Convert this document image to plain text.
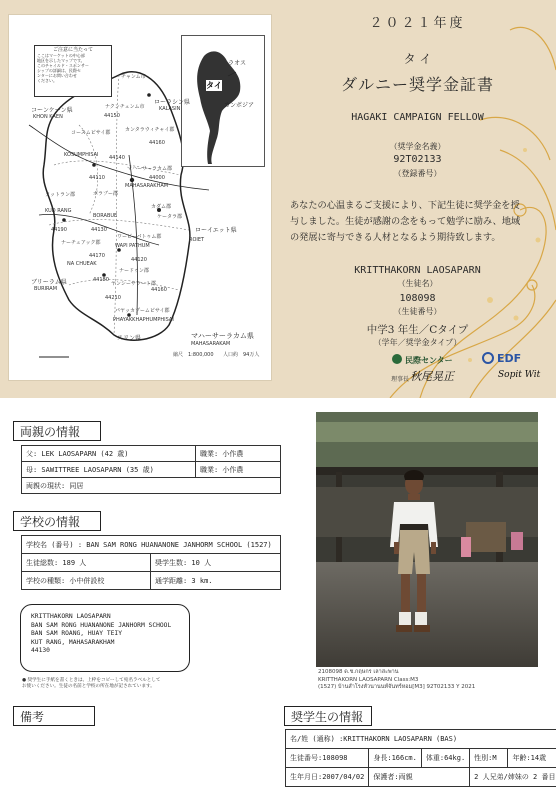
ご注意に当たって
ここはマーケットの中心部
地区を示したマップです。
このチャイルド・スポンサー
シップの詳細は、民際セ
ンターにお問い合わせ
ください。
ラオス
タイ
カンボジア
ローラシン県
KALASIN
コーンケーン県
KHON KAEN
ブリーラム県
BURIRAM
ローイエット県
ROIET
スリン県
チャンム市
ナクンチェンム市
カンタラウィチャイ郡
コースムピサイ郡
KOSUMPHISAI
マハーサーラカム郡
MAHASARAKHAM
カダム郡
クットラン郡
KUD RANG
ボラブー郡
BORABUE
ナーチュアック郡
NA CHUEAK
ワーピーパトゥム郡
WAPI PATHUM
ナードゥン郡
ヤンシーサラート郡
パヤッカプームピサイ郡
PHAYAKKHAPHUMPHISAI
ケータラ郡
44150
44160
44140
44110	44000
44190	44130
44170
44120
44180
44210
44160
マハーサーラカム県
MAHASARAKAM
縮尺　1:800,000 人口約　94万人
２０２１年度
タ イ
ダルニー奨学金証書
HAGAKI CAMPAIGN FELLOW
（奨学金名義）
92T02133
（登録番号）
あなたの心温まるご支援により、下記生徒に奨学金を授
与しました。生徒が感謝の念をもって勉学に励み、地域
の発展に寄与できる人材となるよう期待致します。
KRITTHAKORN LAOSAPARN
（生徒名）
108098
（生徒番号）
中学3 年生／Cタイプ
（学年／奨学金タイプ）
民際センター
理事長 秋尾晃正
EDF
Sopit Wit
両親の情報
父: LEK LAOSAPARN (42 歳)	職業: 小作農
母: SAWITTREE LAOSAPARN (35 歳)	職業: 小作農
両親の現状: 同居	
学校の情報
学校名 (番号) : BAN SAM RONG HUANANONE JANHORM SCHOOL (1527)	
生徒総数: 189 人	奨学生数: 10 人
学校の種類: 小中併設校	通学距離: 3 km.
KRITTHAKORN LAOSAPARN
BAN SAM RONG HUANANONE JANHORM SCHOOL
BAN SAM ROANG, HUAY TEIY
KUT RANG, MAHASARAKHAM
44130
● 奨学生に手紙を書くときは、上枠をコピーして宛名ラベルとして
お使いください。生徒の名前と学校の所在地が記されています。
備考
2108098 ด.ช.กฤษกร เลาสะพาน
KRITTHAKORN LAOSAPARN Class:M3
(1527) บ้านสำโรงหัวนานนท์จันทร์หอม[M3] 92T02133 Y 2021
奨学生の情報
名/姓 (通称) :KRITTHAKORN LAOSAPARN (BAS)				
生徒番号:108098	身長:166cm.	体重:64kg.	性別:M	年齢:14歳
生年月日:2007/04/02	保護者:両親		2 人兄弟/姉妹の 2 番目	
